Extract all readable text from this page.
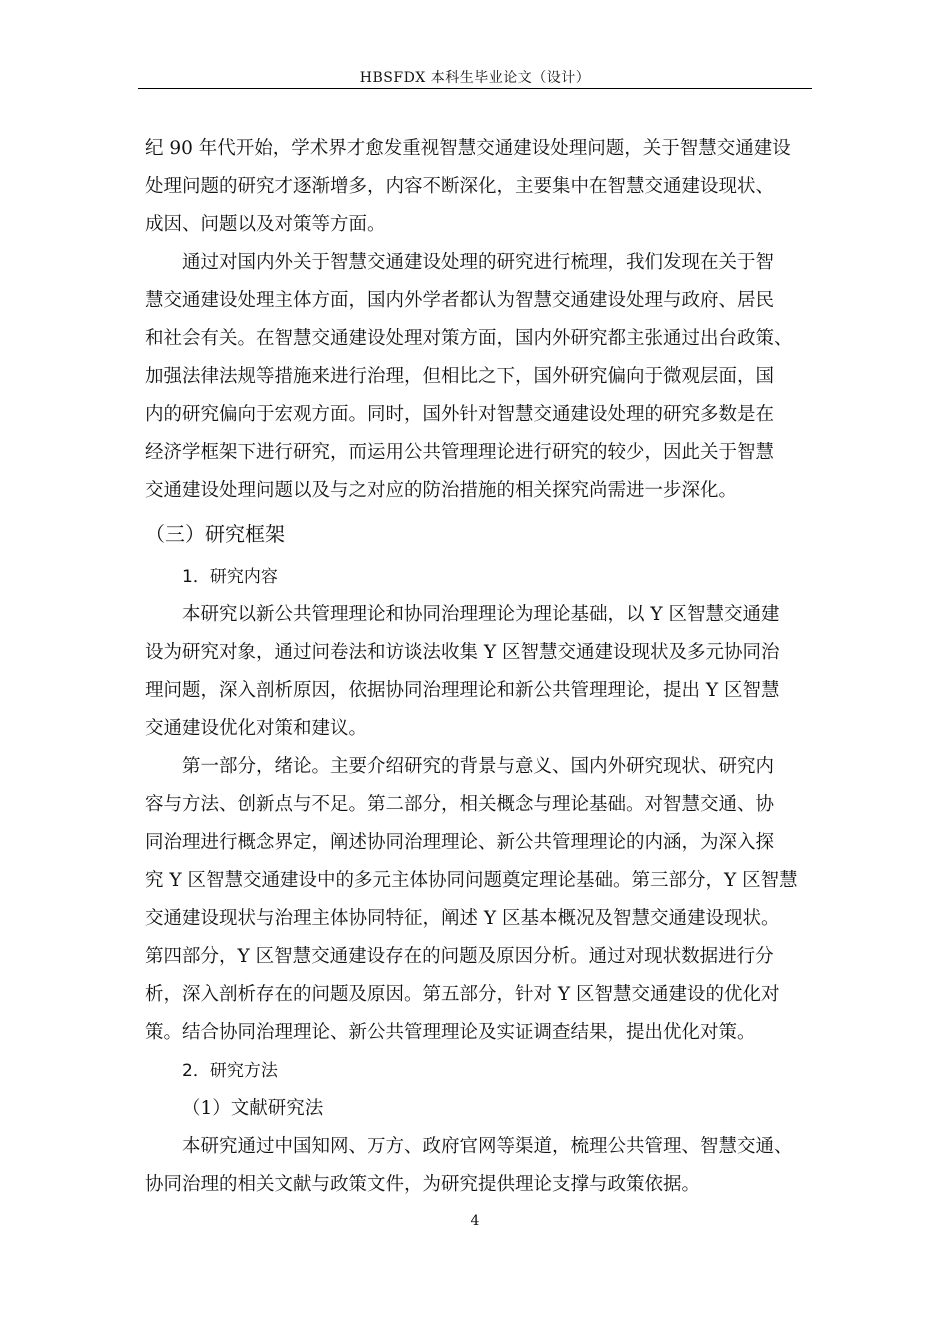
HBSFDX 本科生毕业论文（设计）
纪 90 年代开始，学术界才愈发重视智慧交通建设处理问题，关于智慧交通建设
处理问题的研究才逐渐增多，内容不断深化，主要集中在智慧交通建设现状、
成因、问题以及对策等方面。
通过对国内外关于智慧交通建设处理的研究进行梳理，我们发现在关于智
慧交通建设处理主体方面，国内外学者都认为智慧交通建设处理与政府、居民
和社会有关。在智慧交通建设处理对策方面，国内外研究都主张通过出台政策、
加强法律法规等措施来进行治理，但相比之下，国外研究偏向于微观层面，国
内的研究偏向于宏观方面。同时，国外针对智慧交通建设处理的研究多数是在
经济学框架下进行研究，而运用公共管理理论进行研究的较少，因此关于智慧
交通建设处理问题以及与之对应的防治措施的相关探究尚需进一步深化。
（三）研究框架
1．研究内容
本研究以新公共管理理论和协同治理理论为理论基础，以 Y 区智慧交通建
设为研究对象，通过问卷法和访谈法收集 Y 区智慧交通建设现状及多元协同治
理问题，深入剖析原因，依据协同治理理论和新公共管理理论，提出 Y 区智慧
交通建设优化对策和建议。
第一部分，绪论。主要介绍研究的背景与意义、国内外研究现状、研究内
容与方法、创新点与不足。第二部分，相关概念与理论基础。对智慧交通、协
同治理进行概念界定，阐述协同治理理论、新公共管理理论的内涵，为深入探
究 Y 区智慧交通建设中的多元主体协同问题奠定理论基础。第三部分，Y 区智慧
交通建设现状与治理主体协同特征，阐述 Y 区基本概况及智慧交通建设现状。
第四部分，Y 区智慧交通建设存在的问题及原因分析。通过对现状数据进行分
析，深入剖析存在的问题及原因。第五部分，针对 Y 区智慧交通建设的优化对
策。结合协同治理理论、新公共管理理论及实证调查结果，提出优化对策。
2．研究方法
（1）文献研究法
本研究通过中国知网、万方、政府官网等渠道，梳理公共管理、智慧交通、
协同治理的相关文献与政策文件，为研究提供理论支撑与政策依据。
4
